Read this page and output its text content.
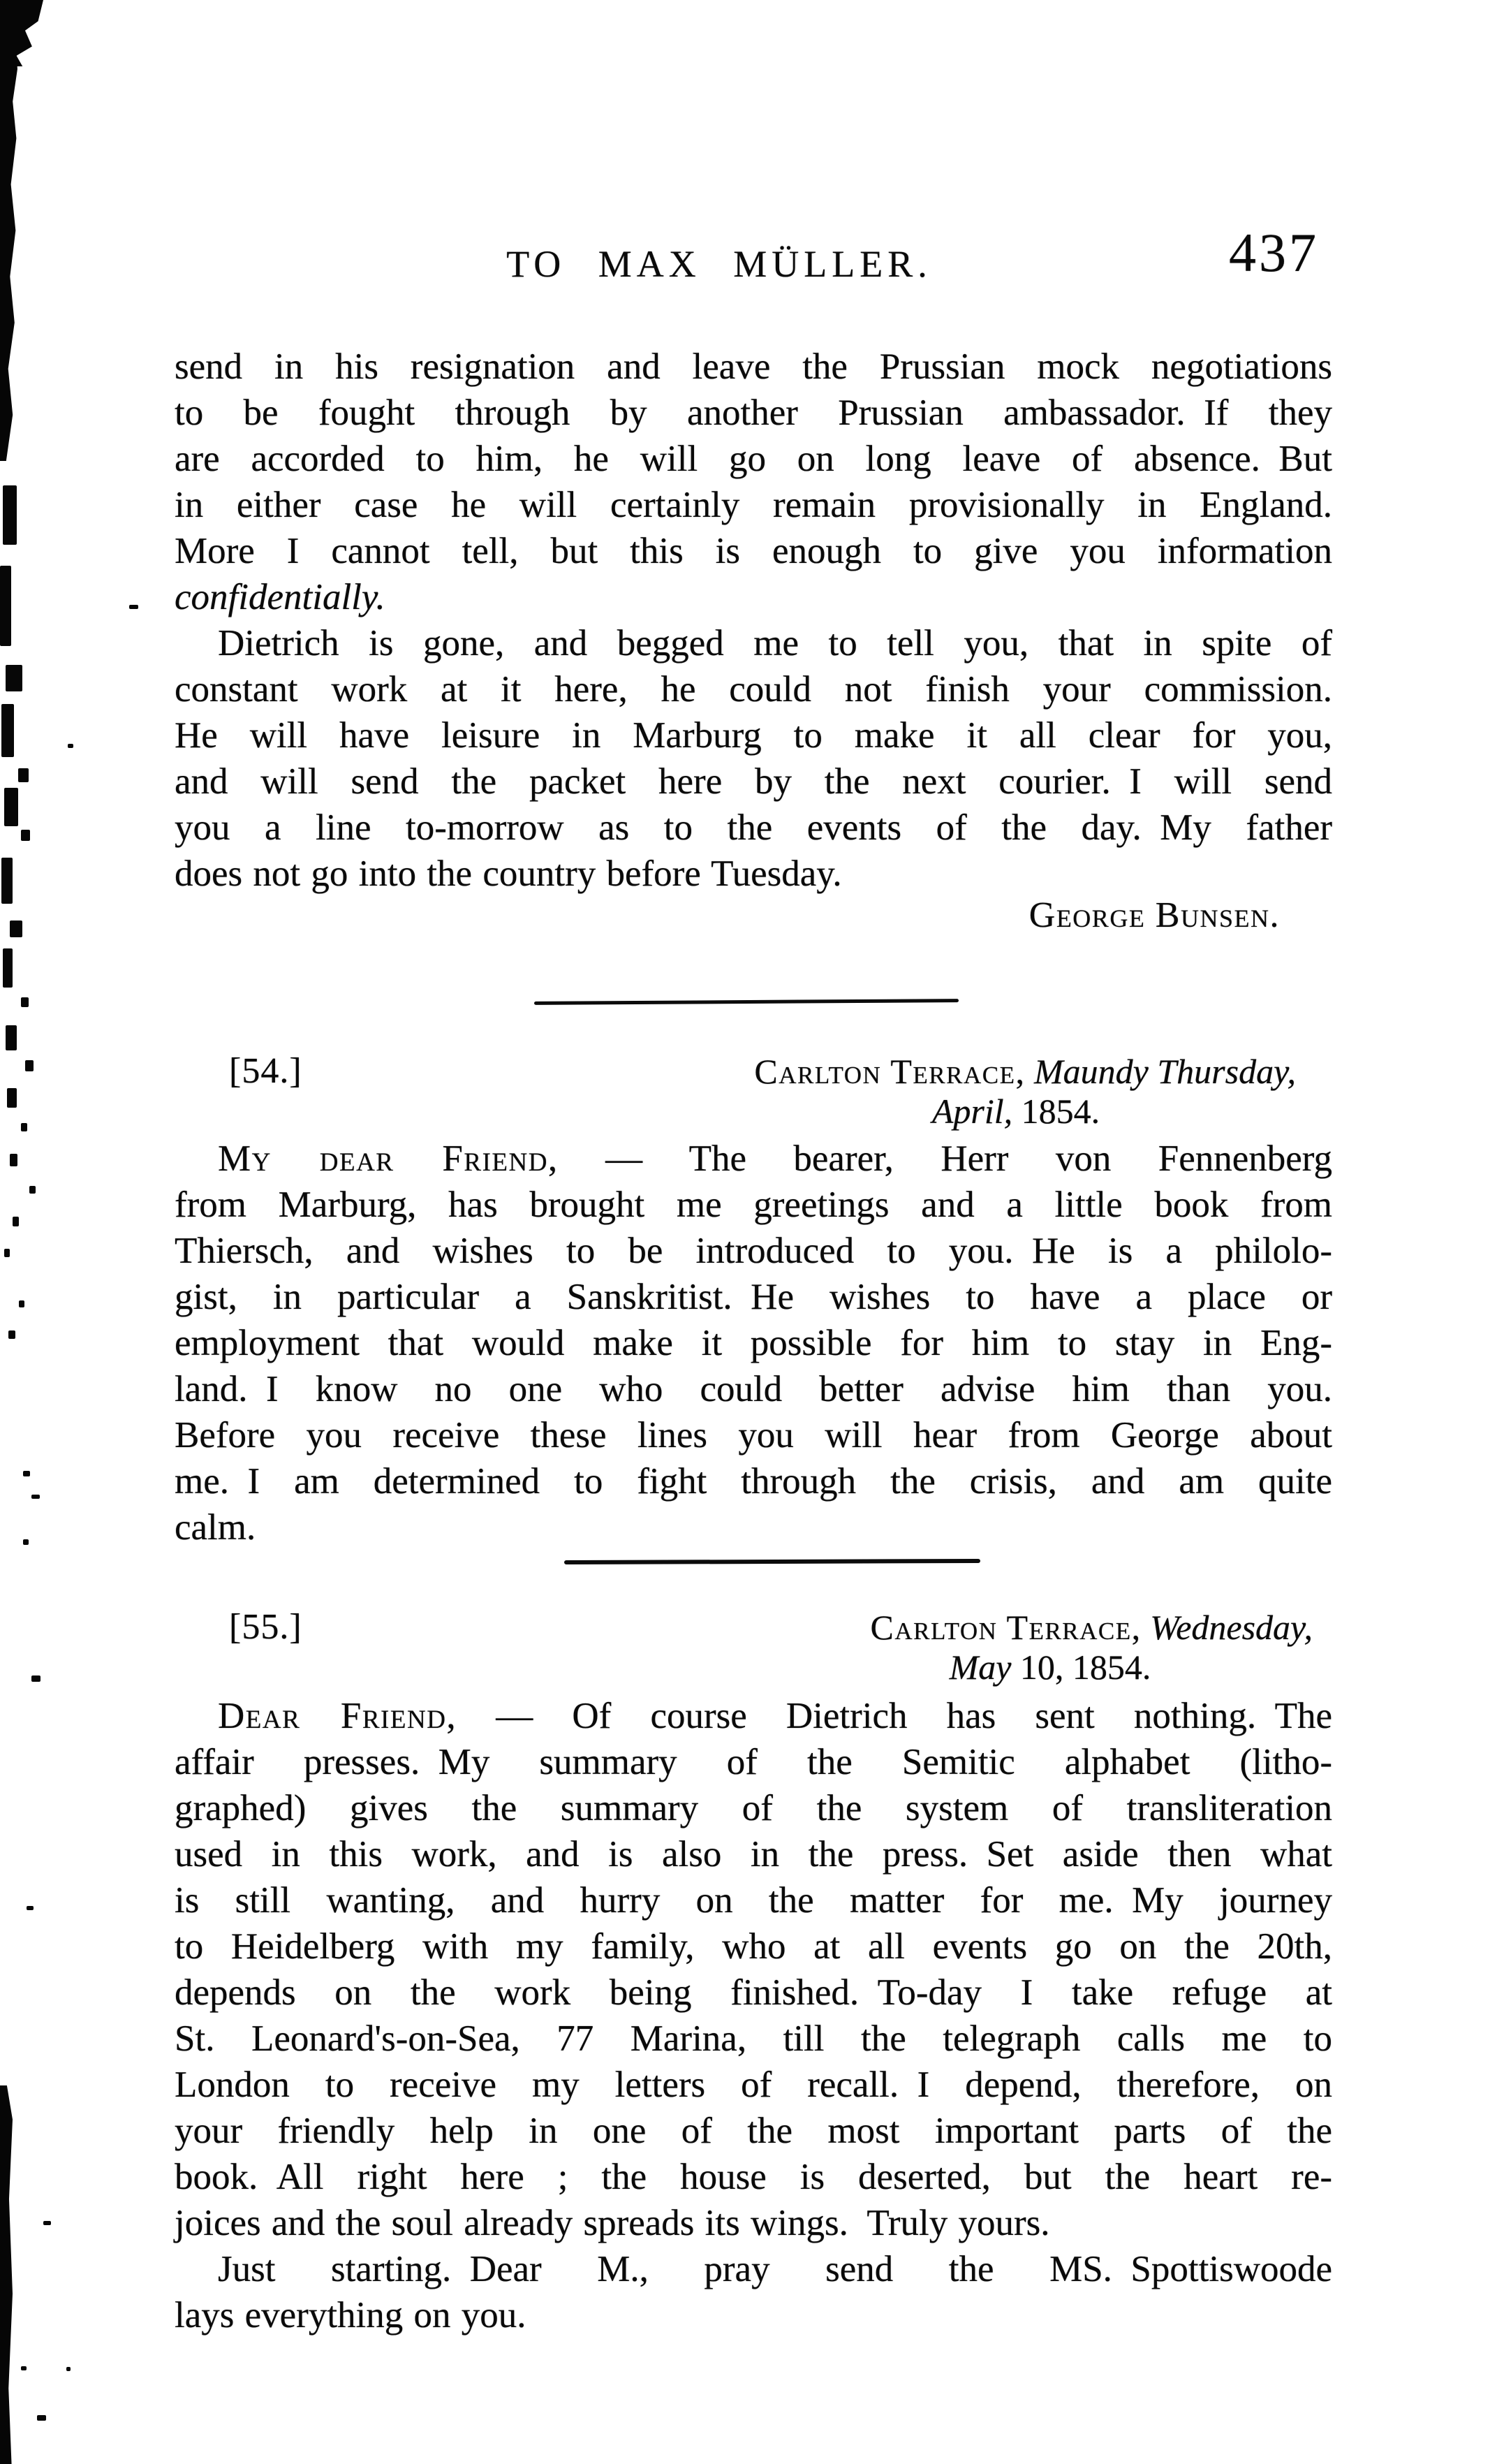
TO MAX MÜLLER.	437
send in his resignation and leave the Prussian mock negotiations
to be fought through by another Prussian ambassador. If they
are accorded to him, he will go on long leave of absence. But
in either case he will certainly remain provisionally in England.
More I cannot tell, but this is enough to give you information
confidentially.
Dietrich is gone, and begged me to tell you, that in spite of
constant work at it here, he could not finish your commission.
He will have leisure in Marburg to make it all clear for you,
and will send the packet here by the next courier. I will send
you a line to-morrow as to the events of the day. My father
does not go into the country before Tuesday.
George Bunsen.
[54.]	Carlton Terrace, Maundy Thursday,
April, 1854.
My dear Friend, — The bearer, Herr von Fennenberg
from Marburg, has brought me greetings and a little book from
Thiersch, and wishes to be introduced to you. He is a philolo-
gist, in particular a Sanskritist. He wishes to have a place or
employment that would make it possible for him to stay in Eng-
land. I know no one who could better advise him than you.
Before you receive these lines you will hear from George about
me. I am determined to fight through the crisis, and am quite
calm.
[55.]	Carlton Terrace, Wednesday,
May 10, 1854.
Dear Friend, — Of course Dietrich has sent nothing. The
affair presses. My summary of the Semitic alphabet (litho-
graphed) gives the summary of the system of transliteration
used in this work, and is also in the press. Set aside then what
is still wanting, and hurry on the matter for me. My journey
to Heidelberg with my family, who at all events go on the 20th,
depends on the work being finished. To-day I take refuge at
St. Leonard's-on-Sea, 77 Marina, till the telegraph calls me to
London to receive my letters of recall. I depend, therefore, on
your friendly help in one of the most important parts of the
book. All right here ; the house is deserted, but the heart re-
joices and the soul already spreads its wings. Truly yours.
Just starting. Dear M., pray send the MS. Spottiswoode
lays everything on you.
